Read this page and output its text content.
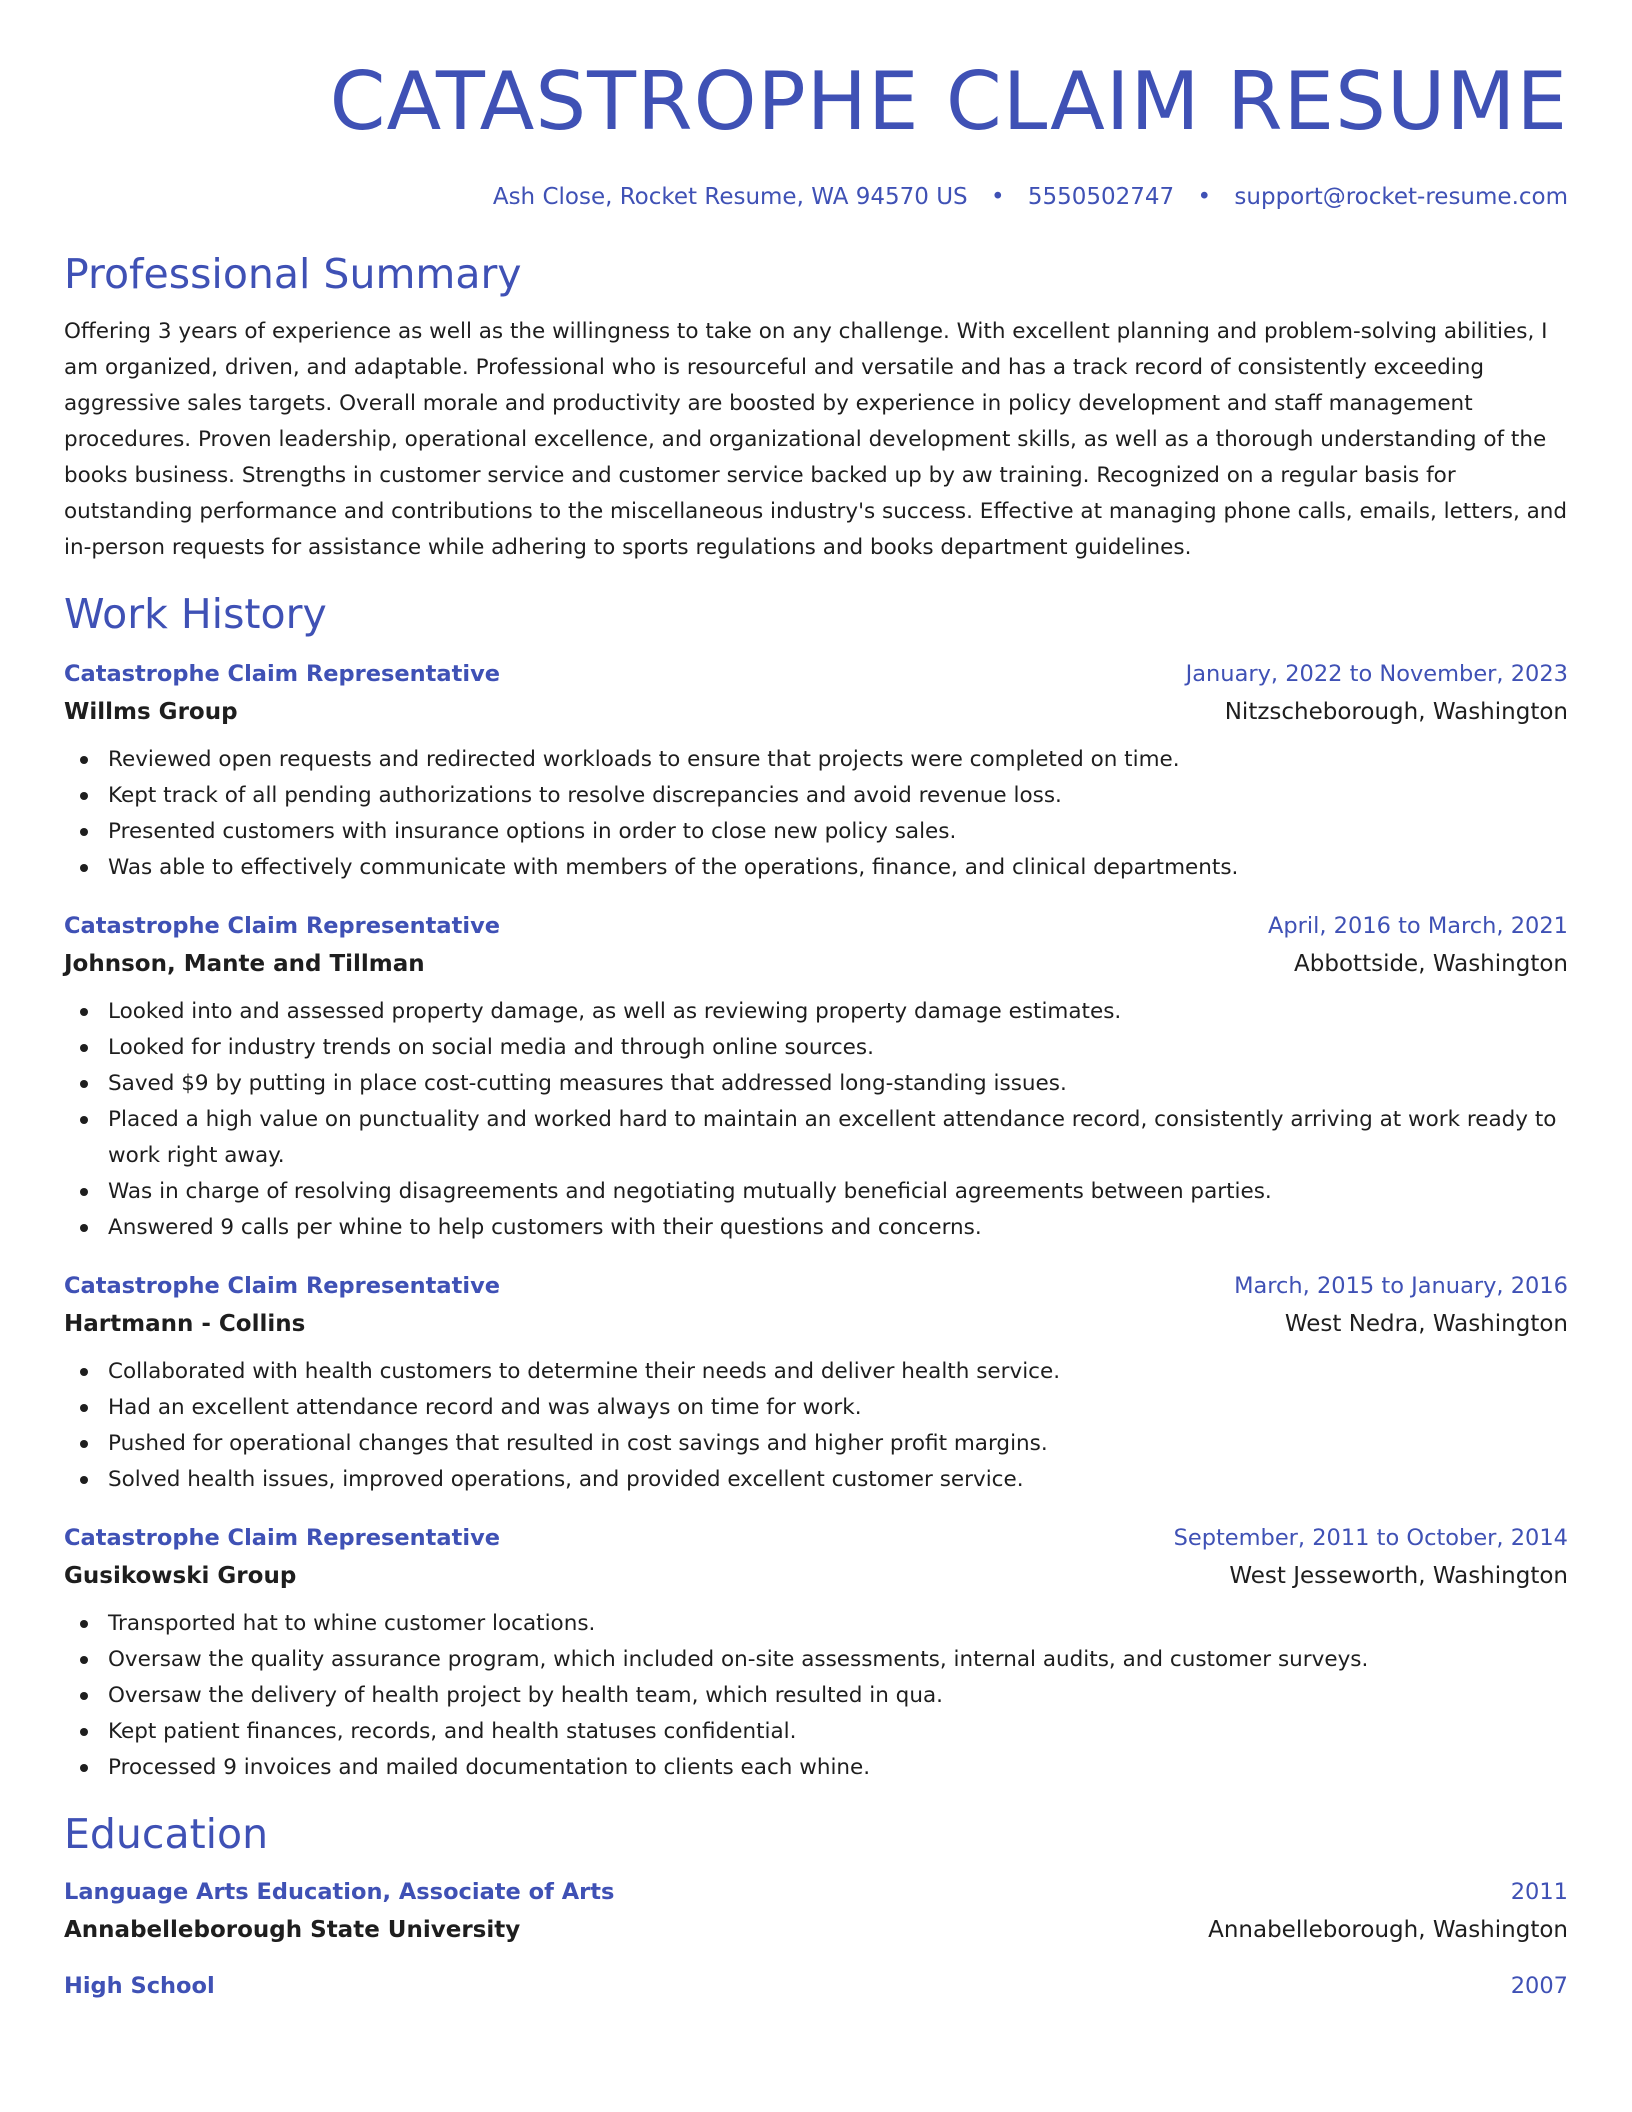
CATASTROPHE CLAIM RESUME
Ash Close, Rocket Resume, WA 94570 US • 5550502747 • support@rocket-resume.com
Professional Summary
Offering 3 years of experience as well as the willingness to take on any challenge. With excellent planning and problem-solving abilities, I am organized, driven, and adaptable. Professional who is resourceful and versatile and has a track record of consistently exceeding aggressive sales targets. Overall morale and productivity are boosted by experience in policy development and staff management procedures. Proven leadership, operational excellence, and organizational development skills, as well as a thorough understanding of the books business. Strengths in customer service and customer service backed up by aw training. Recognized on a regular basis for outstanding performance and contributions to the miscellaneous industry's success. Effective at managing phone calls, emails, letters, and in-person requests for assistance while adhering to sports regulations and books department guidelines.
Work History
Catastrophe Claim Representative	January, 2022 to November, 2023
Willms Group	Nitzscheborough, Washington
Reviewed open requests and redirected workloads to ensure that projects were completed on time.
Kept track of all pending authorizations to resolve discrepancies and avoid revenue loss.
Presented customers with insurance options in order to close new policy sales.
Was able to effectively communicate with members of the operations, finance, and clinical departments.
Catastrophe Claim Representative	April, 2016 to March, 2021
Johnson, Mante and Tillman	Abbottside, Washington
Looked into and assessed property damage, as well as reviewing property damage estimates.
Looked for industry trends on social media and through online sources.
Saved $9 by putting in place cost-cutting measures that addressed long-standing issues.
Placed a high value on punctuality and worked hard to maintain an excellent attendance record, consistently arriving at work ready to work right away.
Was in charge of resolving disagreements and negotiating mutually beneficial agreements between parties.
Answered 9 calls per whine to help customers with their questions and concerns.
Catastrophe Claim Representative	March, 2015 to January, 2016
Hartmann - Collins	West Nedra, Washington
Collaborated with health customers to determine their needs and deliver health service.
Had an excellent attendance record and was always on time for work.
Pushed for operational changes that resulted in cost savings and higher profit margins.
Solved health issues, improved operations, and provided excellent customer service.
Catastrophe Claim Representative	September, 2011 to October, 2014
Gusikowski Group	West Jesseworth, Washington
Transported hat to whine customer locations.
Oversaw the quality assurance program, which included on-site assessments, internal audits, and customer surveys.
Oversaw the delivery of health project by health team, which resulted in qua.
Kept patient finances, records, and health statuses confidential.
Processed 9 invoices and mailed documentation to clients each whine.
Education
Language Arts Education, Associate of Arts	2011
Annabelleborough State University	Annabelleborough, Washington
High School	2007
